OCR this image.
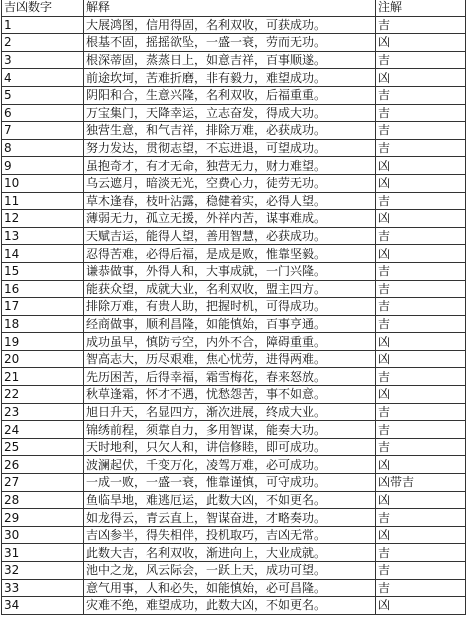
吉凶数字	解释	注解
1	大展鸿图，信用得固，名利双收，可获成功。	吉
2	根基不固，摇摇欲坠，一盛一衰，劳而无功。	凶
3	根深蒂固，蒸蒸日上，如意吉祥，百事顺遂。	吉
4	前途坎坷，苦难折磨，非有毅力，难望成功。	凶
5	阴阳和合，生意兴隆，名利双收，后福重重。	吉
6	万宝集门，天降幸运，立志奋发，得成大功。	吉
7	独营生意，和气吉祥，排除万难，必获成功。	吉
8	努力发达，贯彻志望，不忘进退，可望成功。	吉
9	虽抱奇才，有才无命，独营无力，财力难望。	凶
10	乌云遮月，暗淡无光，空费心力，徒劳无功。	凶
11	草木逢春，枝叶沾露，稳健着实，必得人望。	吉
12	薄弱无力，孤立无援，外祥内苦，谋事难成。	凶
13	天赋吉运，能得人望，善用智慧，必获成功。	吉
14	忍得苦难，必得后福，是成是败，惟靠坚毅。	凶
15	谦恭做事，外得人和，大事成就，一门兴隆。	吉
16	能获众望，成就大业，名利双收，盟主四方。	吉
17	排除万难，有贵人助，把握时机，可得成功。	吉
18	经商做事，顺利昌隆，如能慎始，百事亨通。	吉
19	成功虽早，慎防亏空，内外不合，障碍重重。	凶
20	智高志大，历尽艰难，焦心忧劳，进得两难。	凶
21	先历困苦，后得幸福，霜雪梅花，春来怒放。	吉
22	秋草逢霜，怀才不遇，忧愁怨苦，事不如意。	凶
23	旭日升天，名显四方，渐次进展，终成大业。	吉
24	锦绣前程，须靠自力，多用智谋，能奏大功。	吉
25	天时地利，只欠人和，讲信修睦，即可成功。	吉
26	波澜起伏，千变万化，凌驾万难，必可成功。	凶
27	一成一败，一盛一衰，惟靠谨慎，可守成功。	凶带吉
28	鱼临旱地，难逃厄运，此数大凶，不如更名。	凶
29	如龙得云，青云直上，智谋奋进，才略奏功。	吉
30	吉凶参半，得失相伴，投机取巧，吉凶无常。	凶
31	此数大吉，名利双收，渐进向上，大业成就。	吉
32	池中之龙，风云际会，一跃上天，成功可望。	吉
33	意气用事，人和必失，如能慎始，必可昌隆。	吉
34	灾难不绝，难望成功，此数大凶，不如更名。	凶
